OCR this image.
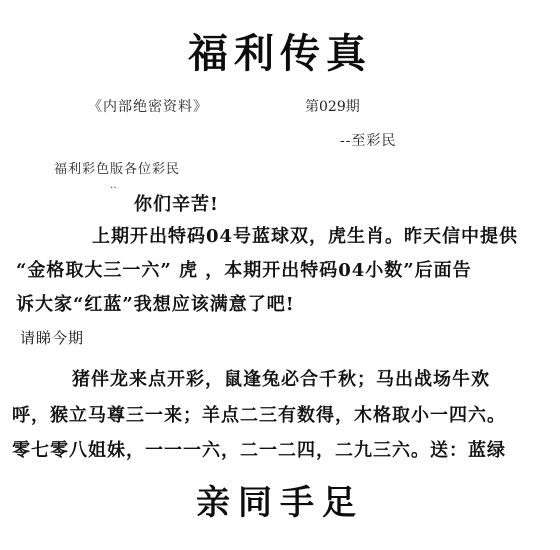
福利传真
《内部绝密资料》	第029期
--至彩民
福利彩色版各位彩民
‥
你们辛苦!
上期开出特码04号蓝球双，虎生肖。昨天信中提供
“金格取大三一六” 虎 ，本期开出特码04小数”后面告
诉大家“红蓝”我想应该满意了吧!
请睇今期
猪伴龙来点开彩，鼠逢兔必合千秋；马出战场牛欢
呼，猴立马尊三一来；羊点二三有数得，木格取小一四六。
零七零八姐妹，一一一六，二一二四，二九三六。送：蓝绿
亲同手足
